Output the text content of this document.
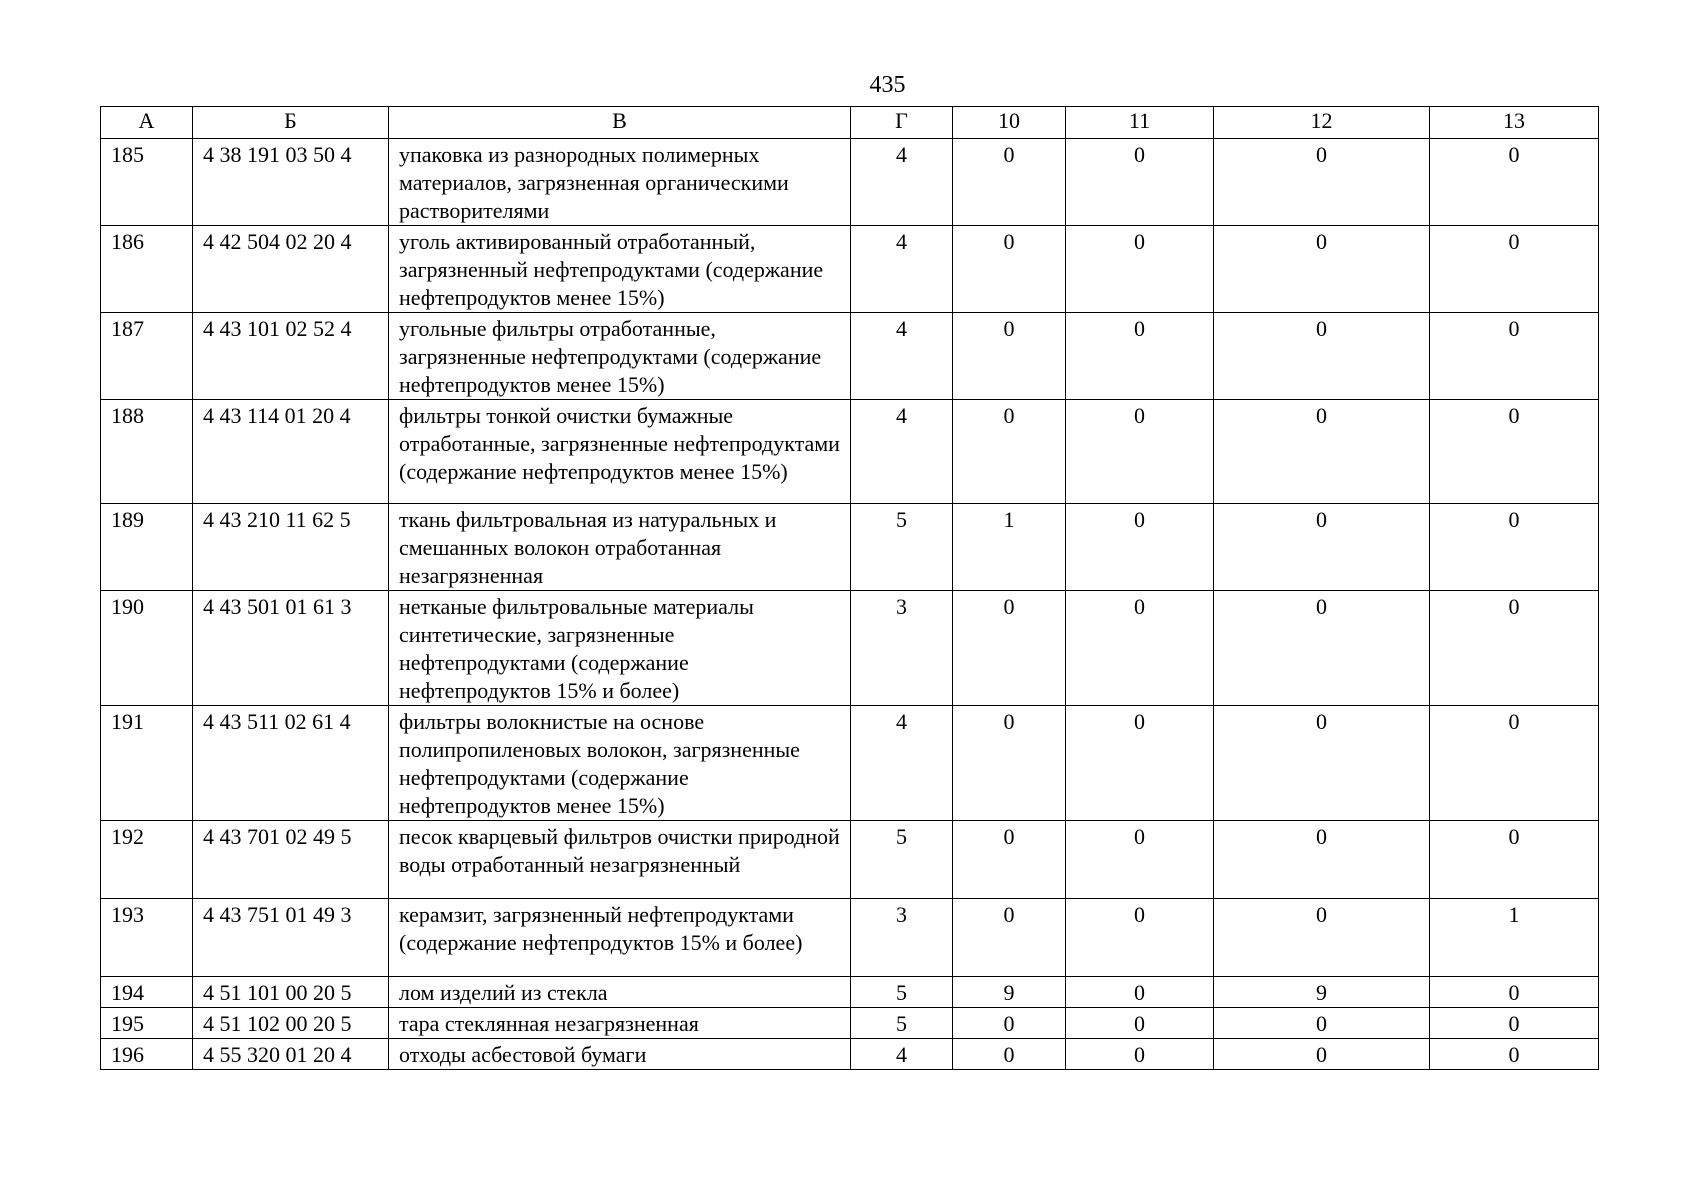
435
А	Б	В	Г	10	11	12	13
185	4 38 191 03 50 4	упаковка из разнородных полимерных материалов, загрязненная органическими растворителями	4	0	0	0	0
186	4 42 504 02 20 4	уголь активированный отработанный, загрязненный нефтепродуктами (содержание нефтепродуктов менее 15%)	4	0	0	0	0
187	4 43 101 02 52 4	угольные фильтры отработанные, загрязненные нефтепродуктами (содержание нефтепродуктов менее 15%)	4	0	0	0	0
188	4 43 114 01 20 4	фильтры тонкой очистки бумажные отработанные, загрязненные нефтепродуктами (содержание нефтепродуктов менее 15%)	4	0	0	0	0
189	4 43 210 11 62 5	ткань фильтровальная из натуральных и смешанных волокон отработанная незагрязненная	5	1	0	0	0
190	4 43 501 01 61 3	нетканые фильтровальные материалы синтетические, загрязненные нефтепродуктами (содержание нефтепродуктов 15% и более)	3	0	0	0	0
191	4 43 511 02 61 4	фильтры волокнистые на основе полипропиленовых волокон, загрязненные нефтепродуктами (содержание нефтепродуктов менее 15%)	4	0	0	0	0
192	4 43 701 02 49 5	песок кварцевый фильтров очистки природной воды отработанный незагрязненный	5	0	0	0	0
193	4 43 751 01 49 3	керамзит, загрязненный нефтепродуктами (содержание нефтепродуктов 15% и более)	3	0	0	0	1
194	4 51 101 00 20 5	лом изделий из стекла	5	9	0	9	0
195	4 51 102 00 20 5	тара стеклянная незагрязненная	5	0	0	0	0
196	4 55 320 01 20 4	отходы асбестовой бумаги	4	0	0	0	0
